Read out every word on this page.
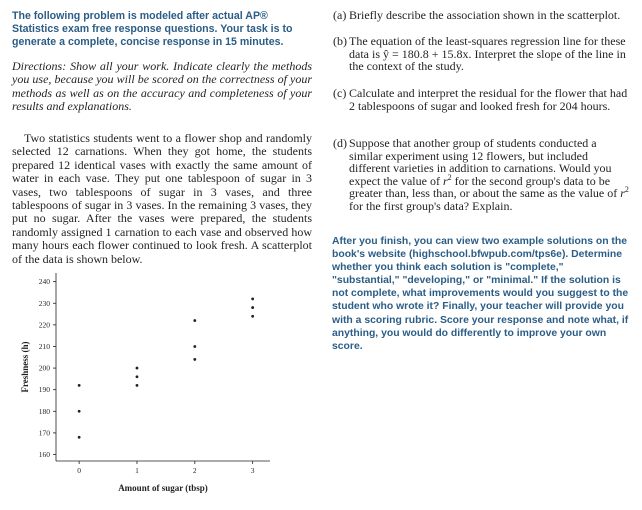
The following problem is modeled after actual AP® Statistics exam free response questions. Your task is to generate a complete, concise response in 15 minutes.
Directions: Show all your work. Indicate clearly the methods you use, because you will be scored on the correctness of your methods as well as on the accuracy and completeness of your results and explanations.

Two statistics students went to a flower shop and randomly selected 12 carnations. When they got home, the students prepared 12 identical vases with exactly the same amount of water in each vase. They put one tablespoon of sugar in 3 vases, two tablespoons of sugar in 3 vases, and three tablespoons of sugar in 3 vases. In the remaining 3 vases, they put no sugar. After the vases were prepared, the students randomly assigned 1 carnation to each vase and observed how many hours each flower continued to look fresh. A scatterplot of the data is shown below.

(a) Briefly describe the association shown in the scatterplot.
(b) The equation of the least-squares regression line for these data is ŷ = 180.8 + 15.8x. Interpret the slope of the line in the context of the study.
(c) Calculate and interpret the residual for the flower that had 2 tablespoons of sugar and looked fresh for 204 hours.
(d) Suppose that another group of students conducted a similar experiment using 12 flowers, but included different varieties in addition to carnations. Would you expect the value of $r^2$ for the second group's data to be greater than, less than, or about the same as the value of $r^2$ for the first group's data? Explain.
After you finish, you can view two example solutions on the book's website (highschool.bfwpub.com/tps6e). Determine whether you think each solution is "complete," "substantial," "developing," or "minimal." If the solution is not complete, what improvements would you suggest to the student who wrote it? Finally, your teacher will provide you with a scoring rubric. Score your response and note what, if anything, you would do differently to improve your own score.
160
170
180
190
200
210
220
230
240
0	1	2	3
Amount of sugar (tbsp)
Freshness (h)
